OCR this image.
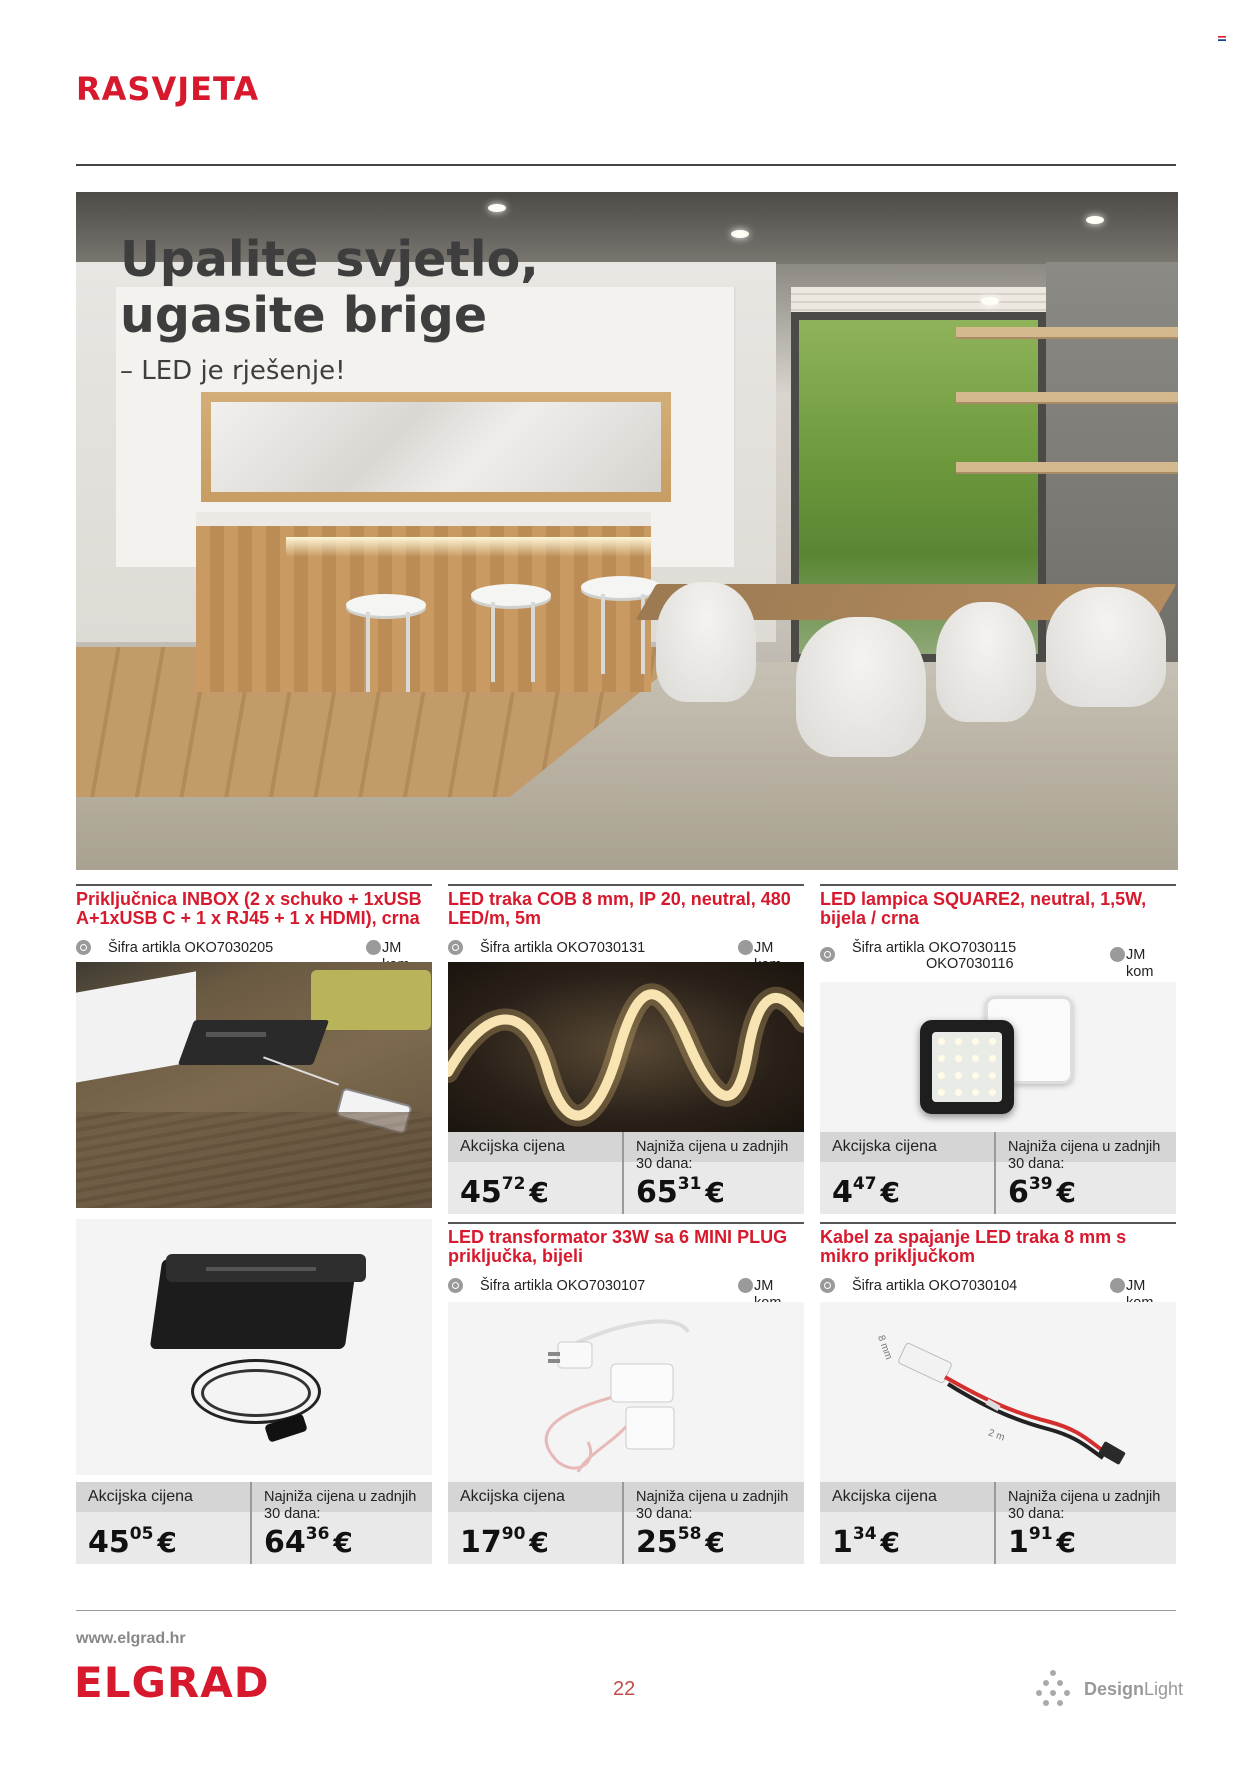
RASVJETA
Upalite svjetlo,
ugasite brige
– LED je rješenje!
Priključnica INBOX (2 x schuko + 1xUSB A+1xUSB C + 1 x RJ45 + 1 x HDMI), crna
Šifra artikla OKO7030205	JM
Akcijska cijena
4505 €
Najniža cijena u zadnjih 30 dana:
6436 €
LED traka COB 8 mm, IP 20, neutral, 480 LED/m, 5m
Šifra artikla OKO7030131	JM
Akcijska cijena
4572 €
Najniža cijena u zadnjih 30 dana:
6531 €
LED lampica SQUARE2, neutral, 1,5W, bijela / crna
Šifra artikla OKO7030115
OKO7030116
JM kom
Akcijska cijena
447 €
Najniža cijena u zadnjih 30 dana:
639 €
LED transformator 33W sa 6 MINI PLUG priključka, bijeli
Šifra artikla OKO7030107	JM
Akcijska cijena
1790 €
Najniža cijena u zadnjih 30 dana:
2558 €
Kabel za spajanje LED traka 8 mm s mikro priključkom
Šifra artikla OKO7030104	JM
8 mm
2 m
Akcijska cijena
134 €
Najniža cijena u zadnjih 30 dana:
191 €
www.elgrad.hr
ELGRAD	22	DesignLight
